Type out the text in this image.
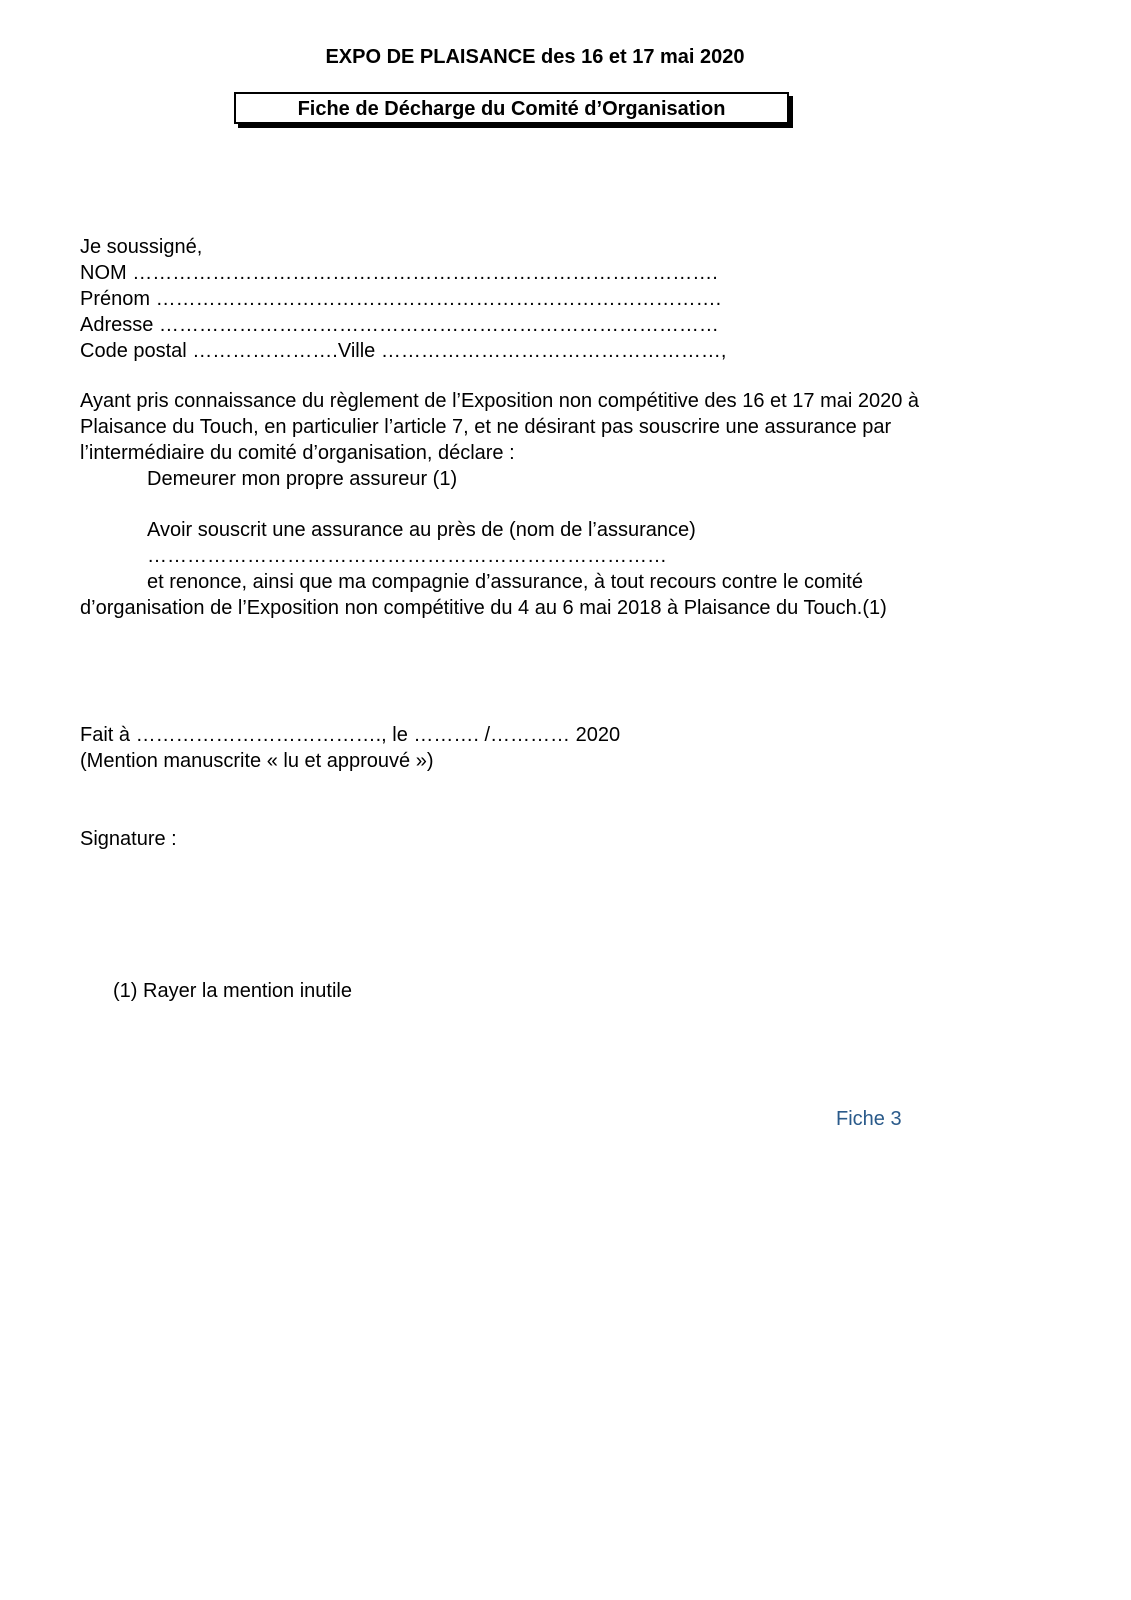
EXPO DE PLAISANCE des 16 et 17 mai 2020
Fiche de Décharge du Comité d’Organisation
Je soussigné,
NOM …………………………………………………………………………….
Prénom ………………………………………………………………………….
Adresse …………………………………………………………………………
Code postal ………………….Ville ……………………………………………,
Ayant pris connaissance du règlement de l’Exposition non compétitive des 16 et 17 mai 2020 à
Plaisance du Touch, en particulier l’article 7, et ne désirant pas souscrire une assurance par
l’intermédiaire du comité d’organisation, déclare :
Demeurer mon propre assureur (1)
Avoir souscrit une assurance au près de (nom de l’assurance)
……………………………………………………………………
et renonce, ainsi que ma compagnie d’assurance, à tout recours contre le comité
d’organisation de l’Exposition non compétitive du 4 au 6 mai 2018 à Plaisance du Touch.(1)
Fait à ………………………………., le ………. /………… 2020
(Mention manuscrite « lu et approuvé »)
Signature :
(1) Rayer la mention inutile
Fiche 3
